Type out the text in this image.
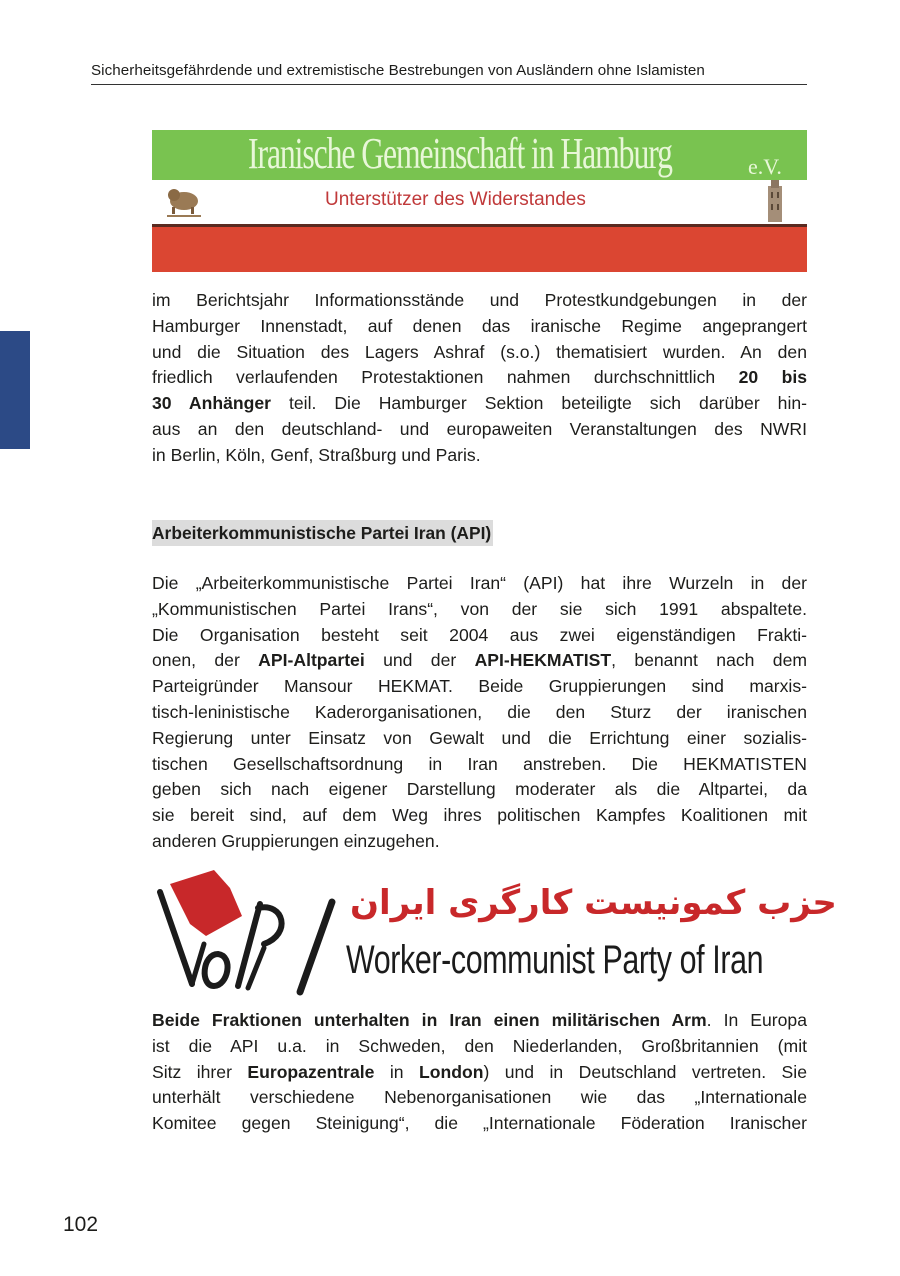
Sicherheitsgefährdende und extremistische Bestrebungen von Ausländern ohne Islamisten
Iranische Gemeinschaft in Hamburg	e.V.
Unterstützer des Widerstandes
im Berichtsjahr Informationsstände und Protestkundgebungen in der
Hamburger Innenstadt, auf denen das iranische Regime angeprangert
und die Situation des Lagers Ashraf (s.o.) thematisiert wurden. An den
friedlich verlaufenden Protestaktionen nahmen durchschnittlich 20 bis
30 Anhänger teil. Die Hamburger Sektion beteiligte sich darüber hin-
aus an den deutschland- und europaweiten Veranstaltungen des NWRI
in Berlin, Köln, Genf, Straßburg und Paris.
Arbeiterkommunistische Partei Iran (API)
Die „Arbeiterkommunistische Partei Iran“ (API) hat ihre Wurzeln in der
„Kommunistischen Partei Irans“, von der sie sich 1991 abspaltete.
Die Organisation besteht seit 2004 aus zwei eigenständigen Frakti-
onen, der API-Altpartei und der API-HEKMATIST, benannt nach dem
Parteigründer Mansour HEKMAT. Beide Gruppierungen sind marxis-
tisch-leninistische Kaderorganisationen, die den Sturz der iranischen
Regierung unter Einsatz von Gewalt und die Errichtung einer sozialis-
tischen Gesellschaftsordnung in Iran anstreben. Die HEKMATISTEN
geben sich nach eigener Darstellung moderater als die Altpartei, da
sie bereit sind, auf dem Weg ihres politischen Kampfes Koalitionen mit
anderen Gruppierungen einzugehen.
حزب کمونیست کارگری ایران
Worker-communist Party of Iran
Beide Fraktionen unterhalten in Iran einen militärischen Arm. In Europa
ist die API u.a. in Schweden, den Niederlanden, Großbritannien (mit
Sitz ihrer Europazentrale in London) und in Deutschland vertreten. Sie
unterhält verschiedene Nebenorganisationen wie das „Internationale
Komitee gegen Steinigung“, die „Internationale Föderation Iranischer
102
